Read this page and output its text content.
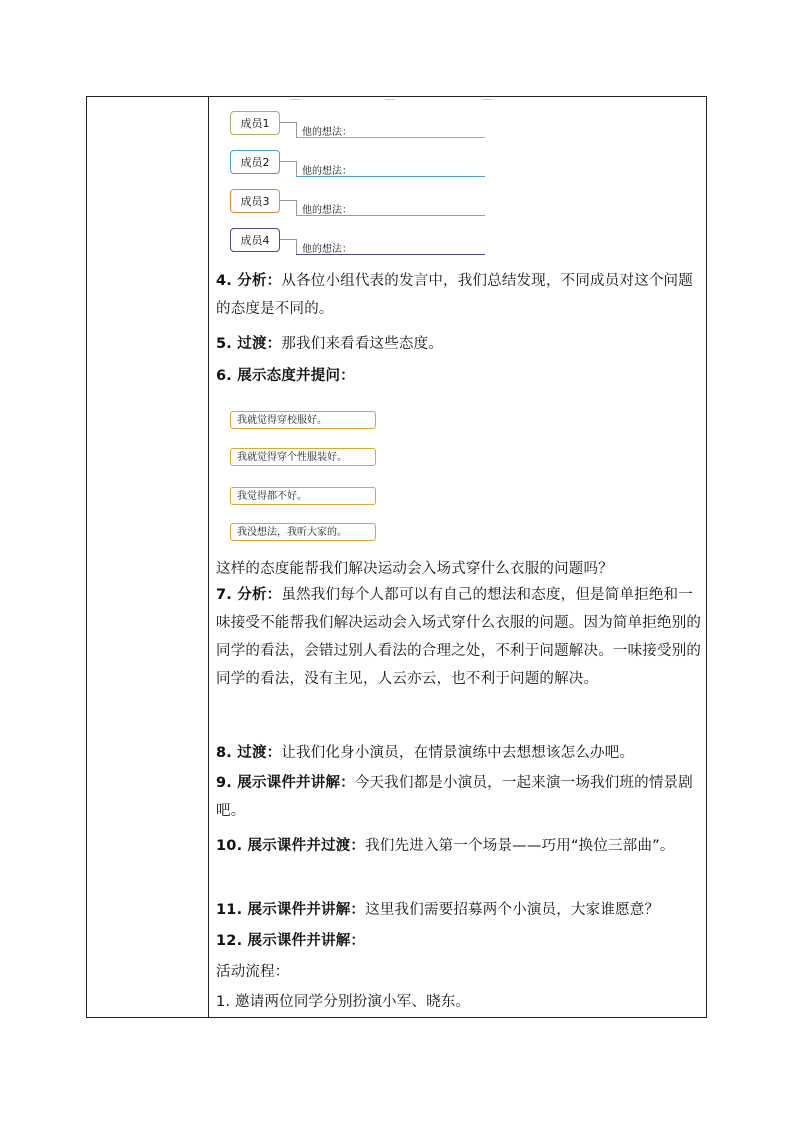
成员1
他的想法：
成员2
他的想法：
成员3
他的想法：
成员4
他的想法：
4. 分析：从各位小组代表的发言中，我们总结发现，不同成员对这个问题的态度是不同的。
5. 过渡：那我们来看看这些态度。
6. 展示态度并提问：
我就觉得穿校服好。
我就觉得穿个性服装好。
我觉得都不好。
我没想法，我听大家的。
这样的态度能帮我们解决运动会入场式穿什么衣服的问题吗？
7. 分析：虽然我们每个人都可以有自己的想法和态度，但是简单拒绝和一味接受不能帮我们解决运动会入场式穿什么衣服的问题。因为简单拒绝别的同学的看法，会错过别人看法的合理之处，不利于问题解决。一味接受别的同学的看法，没有主见，人云亦云，也不利于问题的解决。
8. 过渡：让我们化身小演员，在情景演练中去想想该怎么办吧。
9. 展示课件并讲解：今天我们都是小演员，一起来演一场我们班的情景剧吧。
10. 展示课件并过渡：我们先进入第一个场景——巧用“换位三部曲”。
11. 展示课件并讲解：这里我们需要招募两个小演员，大家谁愿意？
12. 展示课件并讲解：
活动流程：
1. 邀请两位同学分别扮演小军、晓东。
